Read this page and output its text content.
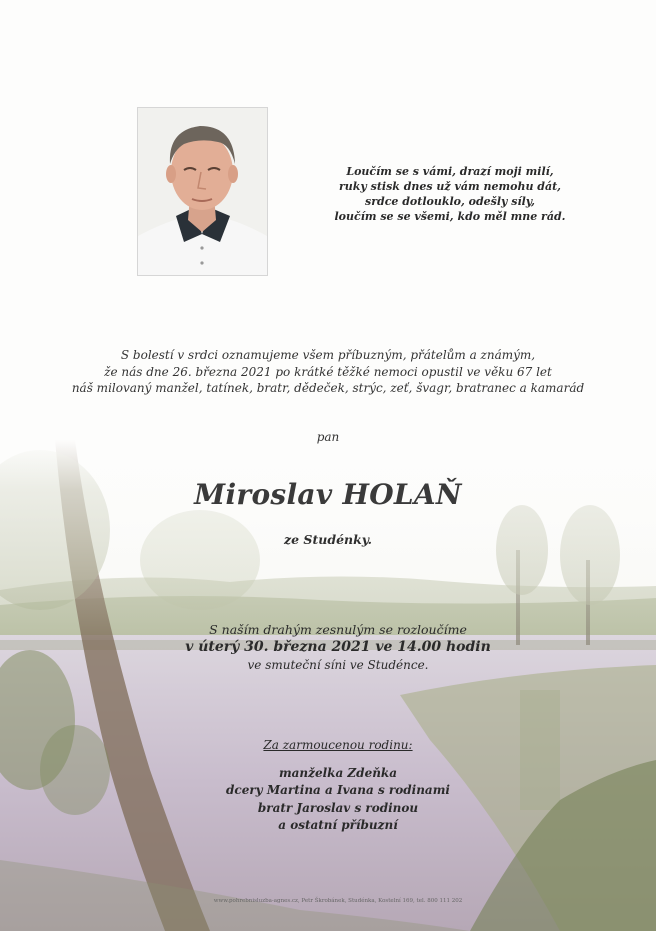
Loučím se s vámi, drazí moji milí,
ruky stisk dnes už vám nemohu dát,
srdce dotlouklo, odešly síly,
loučím se se všemi, kdo měl mne rád.
S bolestí v srdci oznamujeme všem příbuzným, přátelům a známým,
že nás dne 26. března 2021 po krátké těžké nemoci opustil ve věku 67 let
náš milovaný manžel, tatínek, bratr, dědeček, strýc, zeť, švagr, bratranec a kamarád
pan
Miroslav HOLAŇ
ze Studénky.
S naším drahým zesnulým se rozloučíme
v úterý 30. března 2021 ve 14.00 hodin
ve smuteční síni ve Studénce.
Za zarmoucenou rodinu:
manželka Zdeňka
dcery Martina a Ivana s rodinami
bratr Jaroslav s rodinou
a ostatní příbuzní
www.pohrebnisluzba-agnes.cz, Petr Škrobánek, Studénka, Kostelní 169, tel. 800 111 202
